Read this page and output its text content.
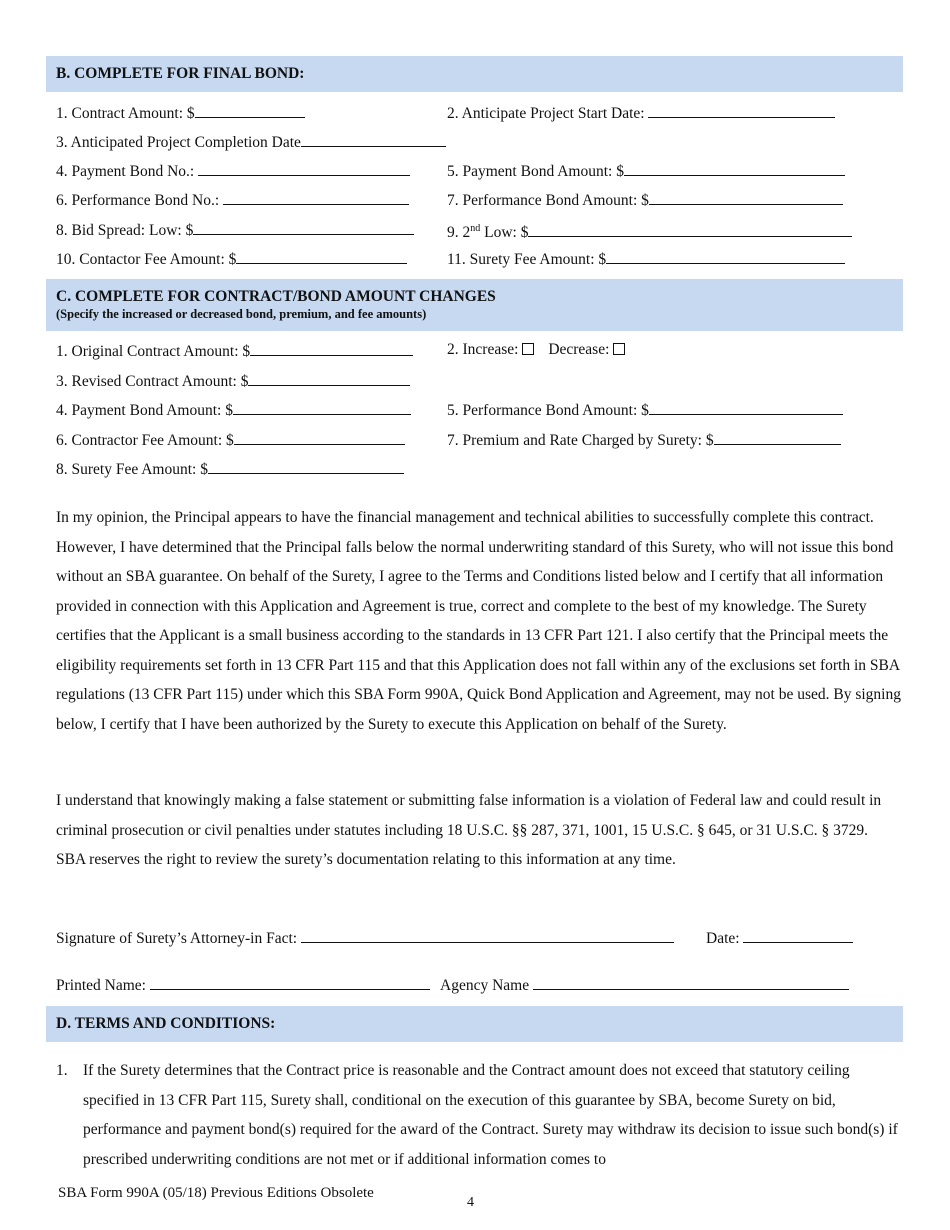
B. COMPLETE FOR FINAL BOND:
1. Contract Amount: $	2. Anticipate Project Start Date:
3. Anticipated Project Completion Date
4. Payment Bond No.:	5. Payment Bond Amount: $
6. Performance Bond No.:	7. Performance Bond Amount: $
8. Bid Spread: Low: $	9. 2nd Low: $
10. Contactor Fee Amount: $	11. Surety Fee Amount: $
C. COMPLETE FOR CONTRACT/BOND AMOUNT CHANGES
(Specify the increased or decreased bond, premium, and fee amounts)
1. Original Contract Amount: $	2. Increase: Decrease:
3. Revised Contract Amount: $
4. Payment Bond Amount: $	5. Performance Bond Amount: $
6. Contractor Fee Amount: $	7. Premium and Rate Charged by Surety: $
8. Surety Fee Amount: $
In my opinion, the Principal appears to have the financial management and technical abilities to successfully complete this contract. However, I have determined that the Principal falls below the normal underwriting standard of this Surety, who will not issue this bond without an SBA guarantee. On behalf of the Surety, I agree to the Terms and Conditions listed below and I certify that all information provided in connection with this Application and Agreement is true, correct and complete to the best of my knowledge. The Surety certifies that the Applicant is a small business according to the standards in 13 CFR Part 121. I also certify that the Principal meets the eligibility requirements set forth in 13 CFR Part 115 and that this Application does not fall within any of the exclusions set forth in SBA regulations (13 CFR Part 115) under which this SBA Form 990A, Quick Bond Application and Agreement, may not be used. By signing below, I certify that I have been authorized by the Surety to execute this Application on behalf of the Surety.
I understand that knowingly making a false statement or submitting false information is a violation of Federal law and could result in criminal prosecution or civil penalties under statutes including 18 U.S.C. §§ 287, 371, 1001, 15 U.S.C. § 645, or 31 U.S.C. § 3729. SBA reserves the right to review the surety’s documentation relating to this information at any time.
Signature of Surety’s Attorney-in Fact:	Date:
Printed Name:	Agency Name
D. TERMS AND CONDITIONS:
1. If the Surety determines that the Contract price is reasonable and the Contract amount does not exceed that statutory ceiling specified in 13 CFR Part 115, Surety shall, conditional on the execution of this guarantee by SBA, become Surety on bid, performance and payment bond(s) required for the award of the Contract. Surety may withdraw its decision to issue such bond(s) if prescribed underwriting conditions are not met or if additional information comes to
SBA Form 990A (05/18) Previous Editions Obsolete
4
